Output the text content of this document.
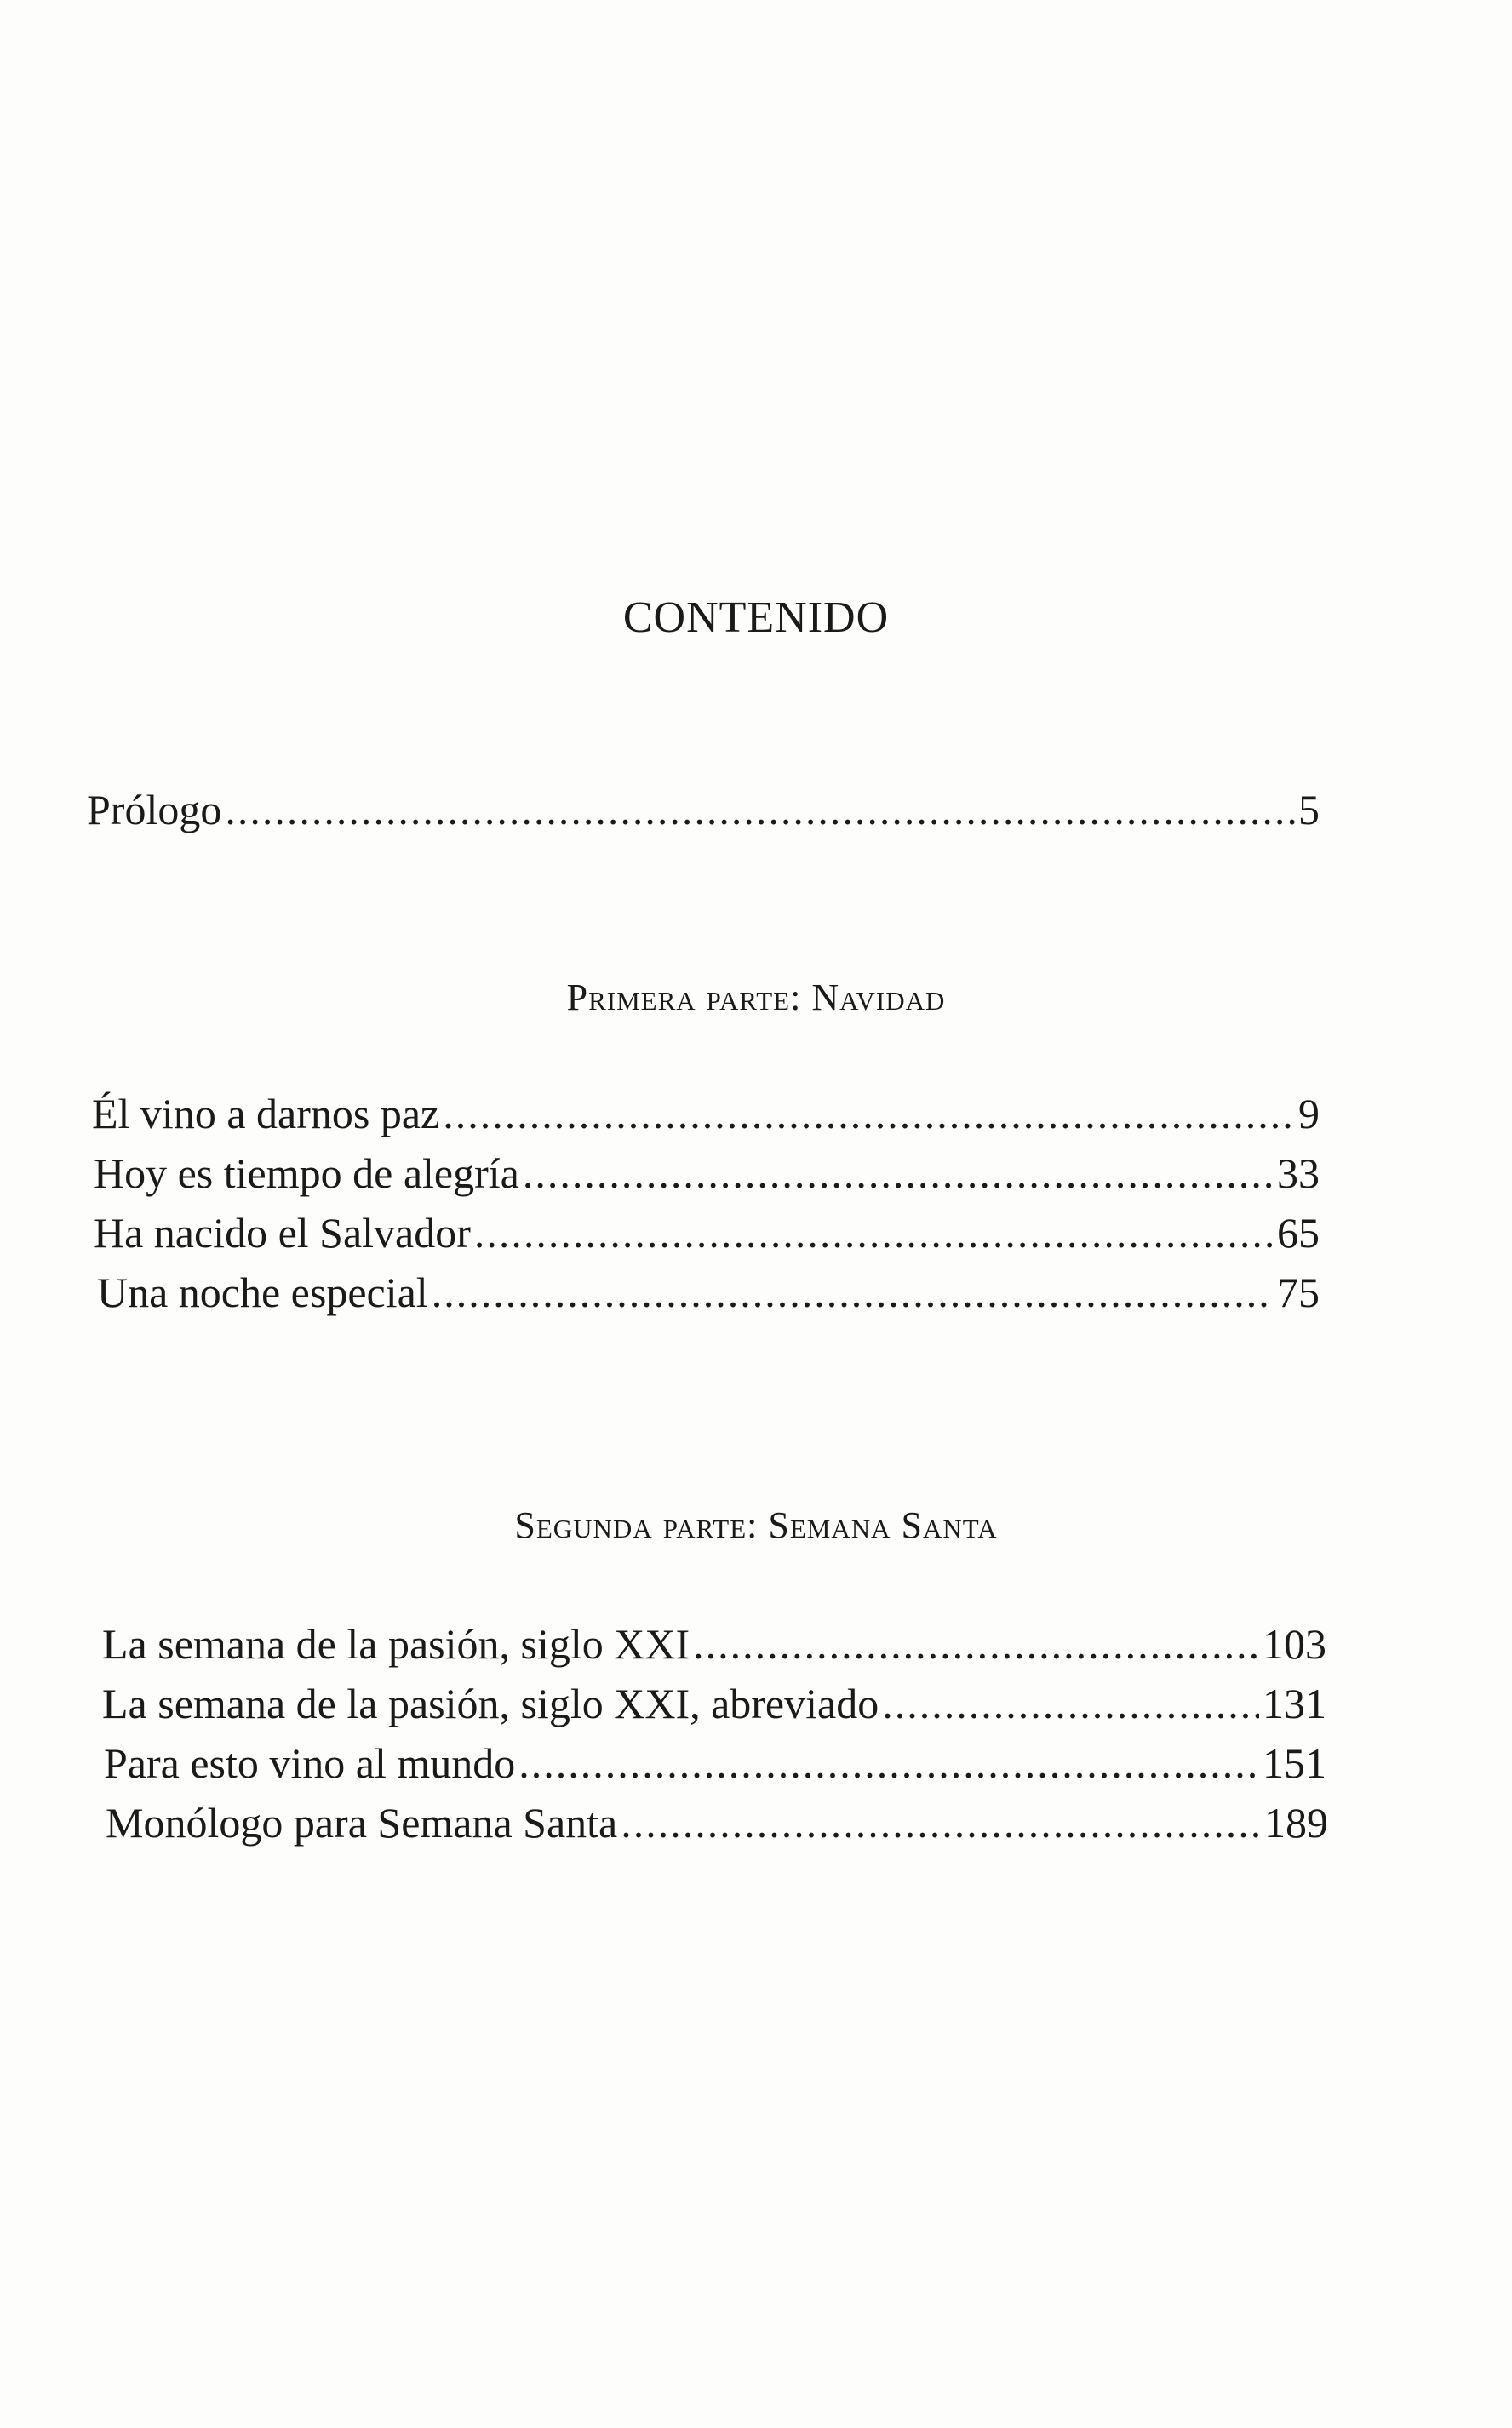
CONTENIDO
Prólogo .....	5
Primera parte: Navidad
Él vino a darnos paz .....	9
Hoy es tiempo de alegría .....	33
Ha nacido el Salvador .....	65
Una noche especial .....	75
Segunda parte: Semana Santa
La semana de la pasión, siglo XXI .....	103
La semana de la pasión, siglo XXI, abreviado .....	131
Para esto vino al mundo .....	151
Monólogo para Semana Santa .....	189
